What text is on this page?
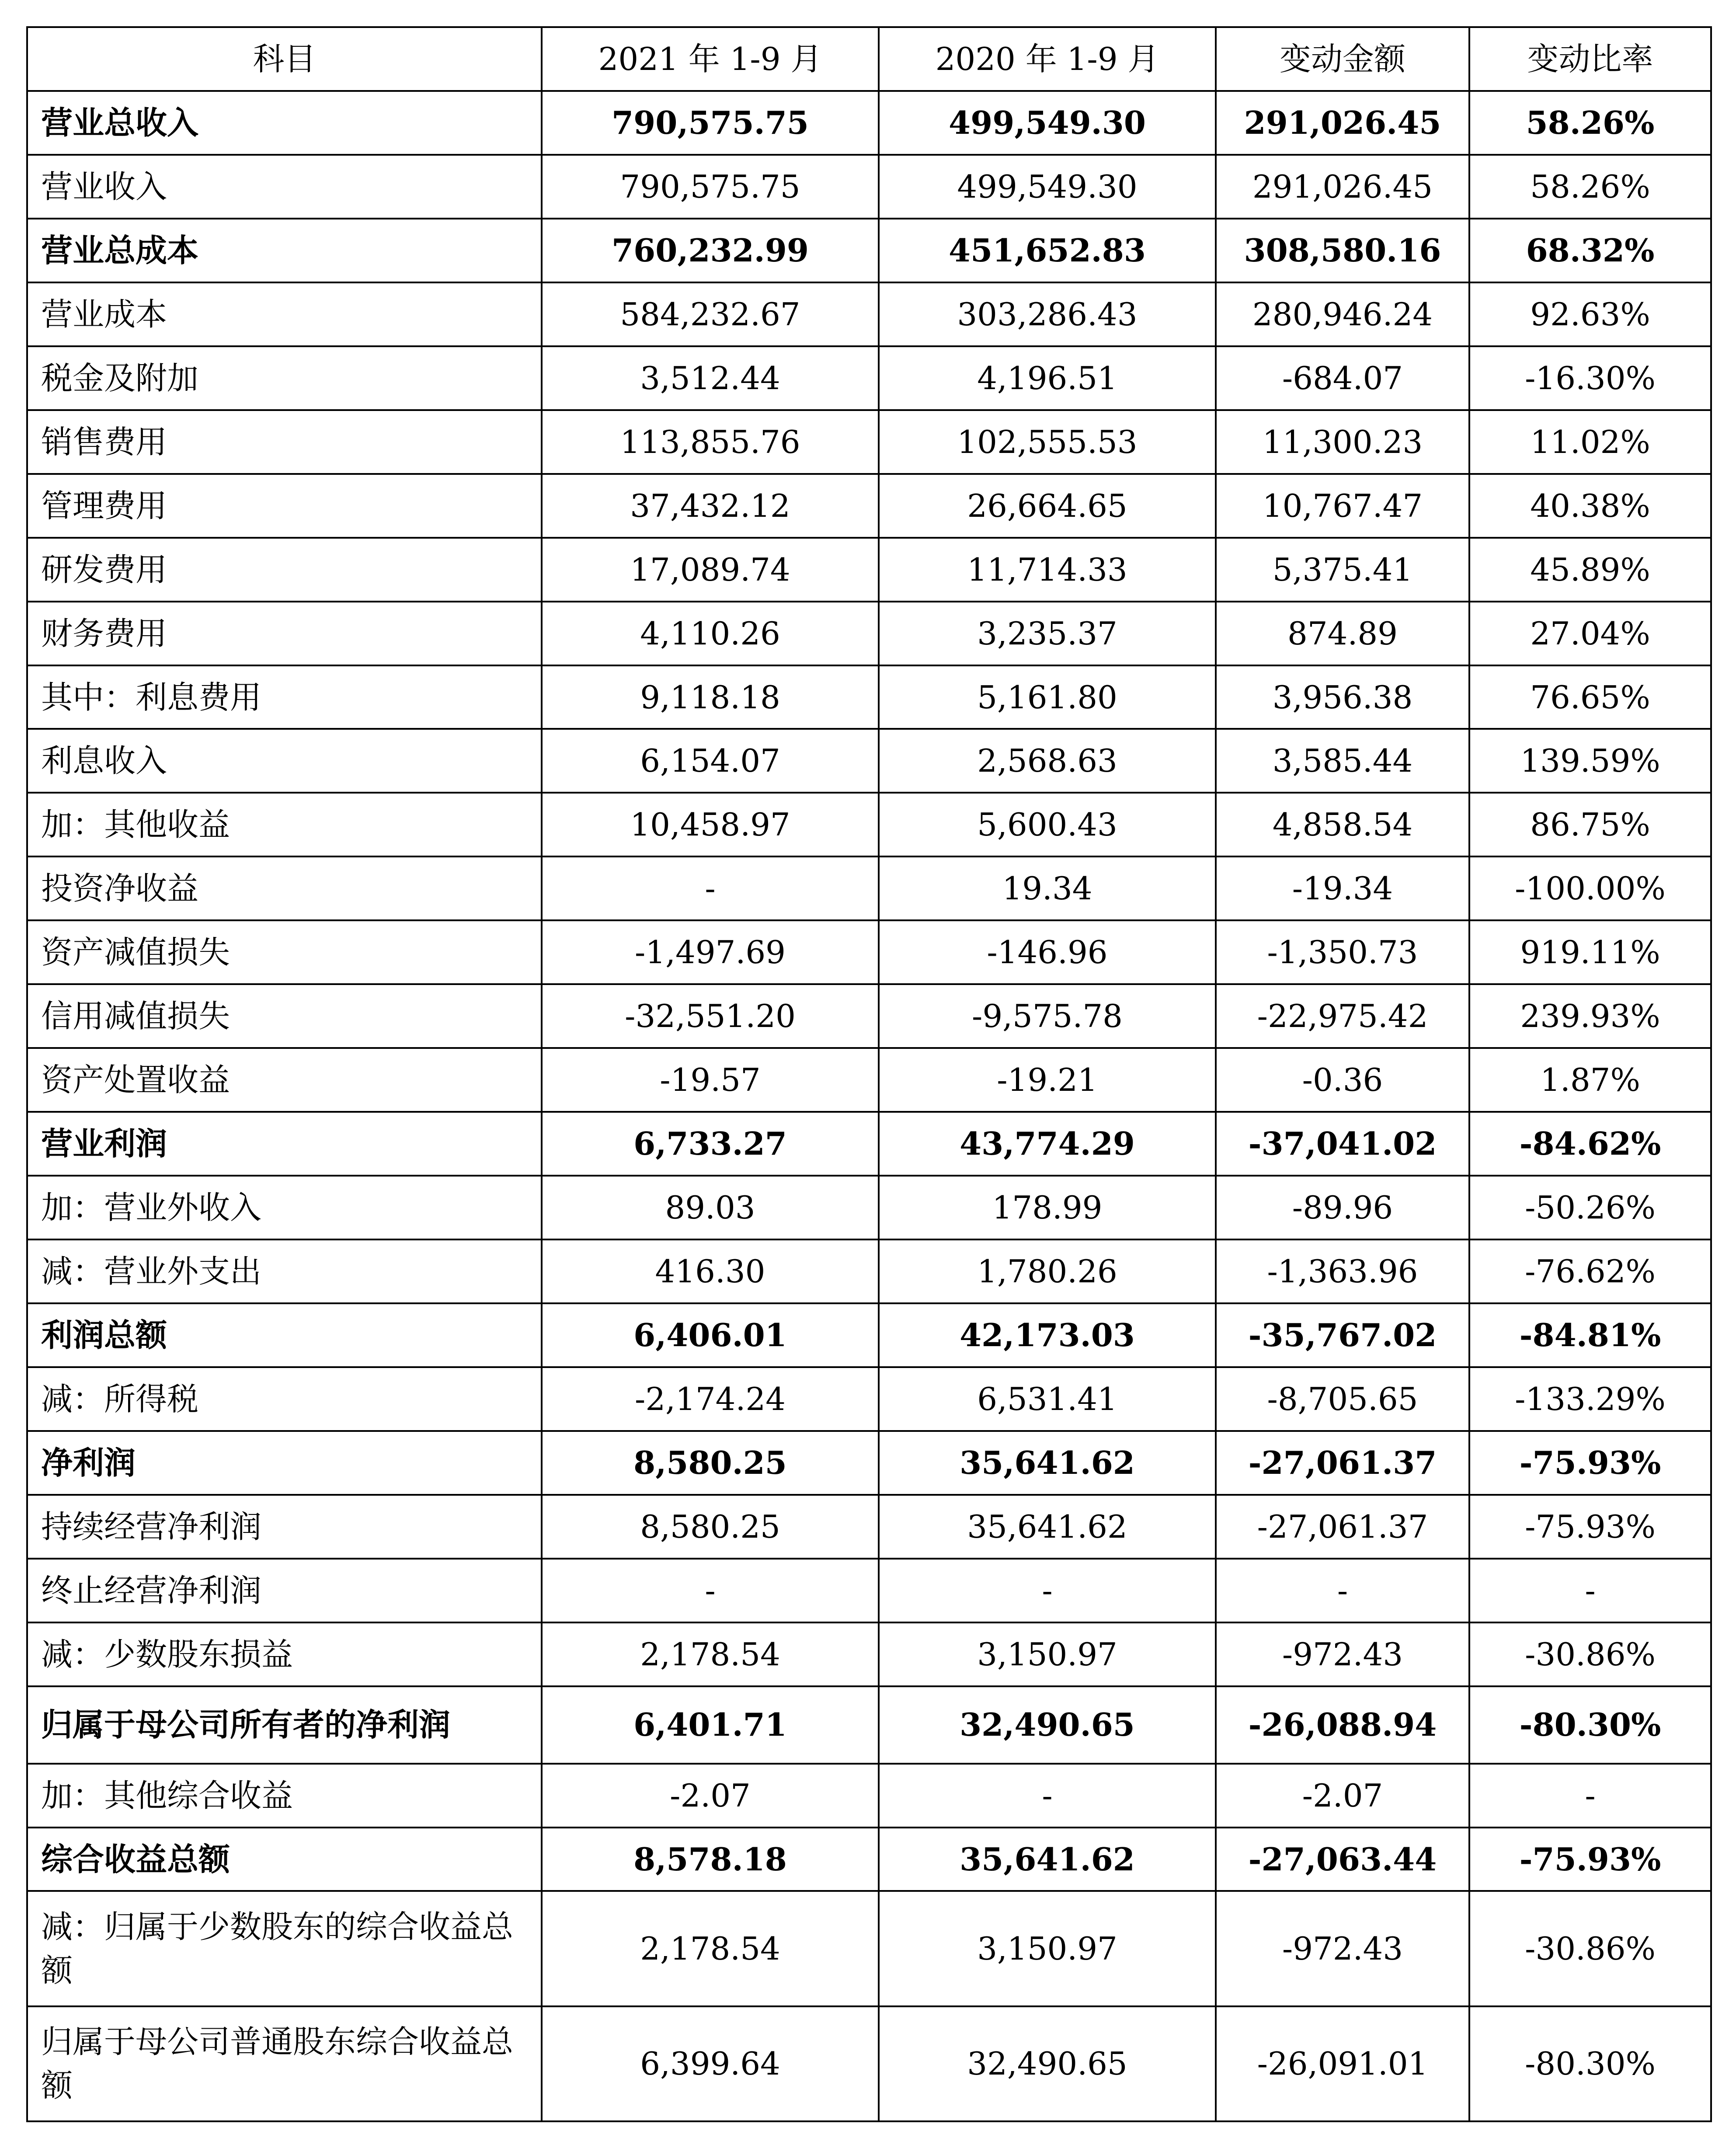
科目	2021 年 1-9 月	2020 年 1-9 月	变动金额	变动比率
营业总收入	790,575.75	499,549.30	291,026.45	58.26%
营业收入	790,575.75	499,549.30	291,026.45	58.26%
营业总成本	760,232.99	451,652.83	308,580.16	68.32%
营业成本	584,232.67	303,286.43	280,946.24	92.63%
税金及附加	3,512.44	4,196.51	-684.07	-16.30%
销售费用	113,855.76	102,555.53	11,300.23	11.02%
管理费用	37,432.12	26,664.65	10,767.47	40.38%
研发费用	17,089.74	11,714.33	5,375.41	45.89%
财务费用	4,110.26	3,235.37	874.89	27.04%
其中：利息费用	9,118.18	5,161.80	3,956.38	76.65%
利息收入	6,154.07	2,568.63	3,585.44	139.59%
加：其他收益	10,458.97	5,600.43	4,858.54	86.75%
投资净收益	-	19.34	-19.34	-100.00%
资产减值损失	-1,497.69	-146.96	-1,350.73	919.11%
信用减值损失	-32,551.20	-9,575.78	-22,975.42	239.93%
资产处置收益	-19.57	-19.21	-0.36	1.87%
营业利润	6,733.27	43,774.29	-37,041.02	-84.62%
加：营业外收入	89.03	178.99	-89.96	-50.26%
减：营业外支出	416.30	1,780.26	-1,363.96	-76.62%
利润总额	6,406.01	42,173.03	-35,767.02	-84.81%
减：所得税	-2,174.24	6,531.41	-8,705.65	-133.29%
净利润	8,580.25	35,641.62	-27,061.37	-75.93%
持续经营净利润	8,580.25	35,641.62	-27,061.37	-75.93%
终止经营净利润	-	-	-	-
减：少数股东损益	2,178.54	3,150.97	-972.43	-30.86%
归属于母公司所有者的净利润	6,401.71	32,490.65	-26,088.94	-80.30%
加：其他综合收益	-2.07	-	-2.07	-
综合收益总额	8,578.18	35,641.62	-27,063.44	-75.93%
减：归属于少数股东的综合收益总额	2,178.54	3,150.97	-972.43	-30.86%
归属于母公司普通股东综合收益总额	6,399.64	32,490.65	-26,091.01	-80.30%
